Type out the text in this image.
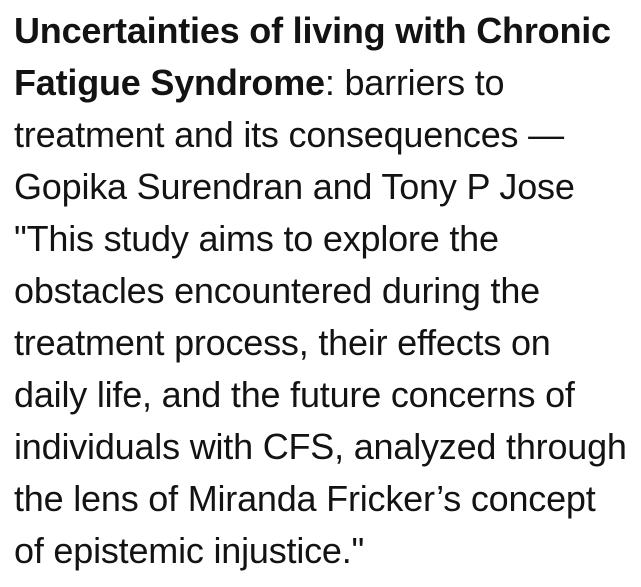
Uncertainties of living with Chronic Fatigue Syndrome: barriers to treatment and its consequences — Gopika Surendran and Tony P Jose "This study aims to explore the obstacles encountered during the treatment process, their effects on daily life, and the future concerns of individuals with CFS, analyzed through the lens of Miranda Fricker’s concept of epistemic injustice."
